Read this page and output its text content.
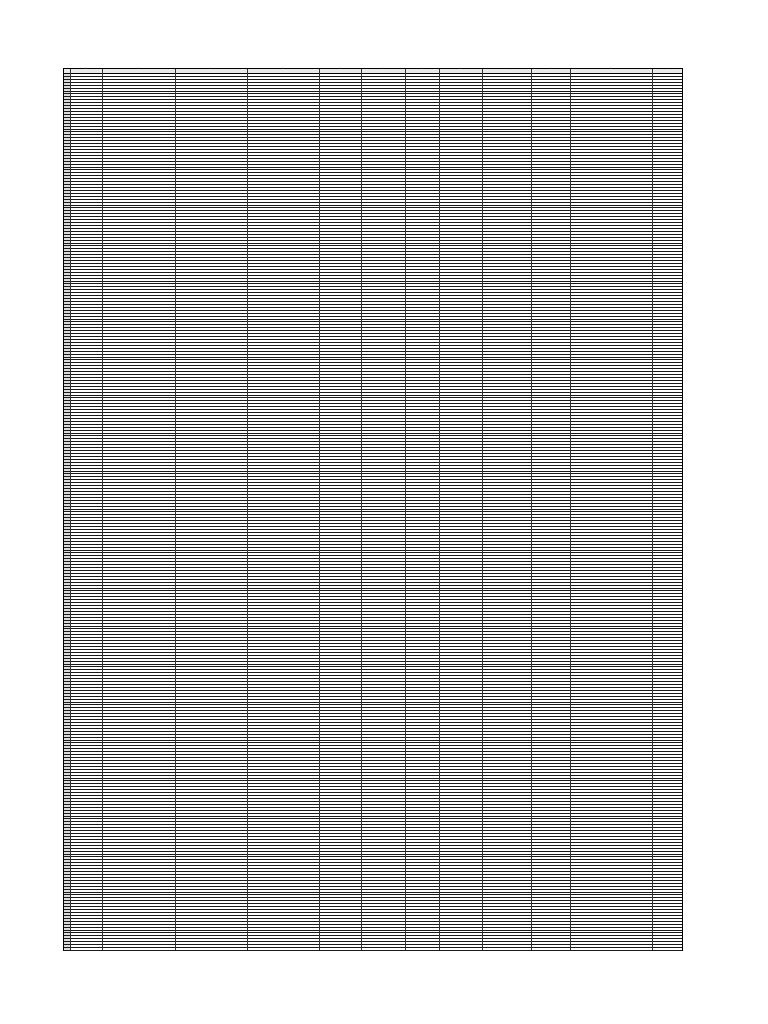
A	B	C	D	E	F	G	H	I	J	K	L
